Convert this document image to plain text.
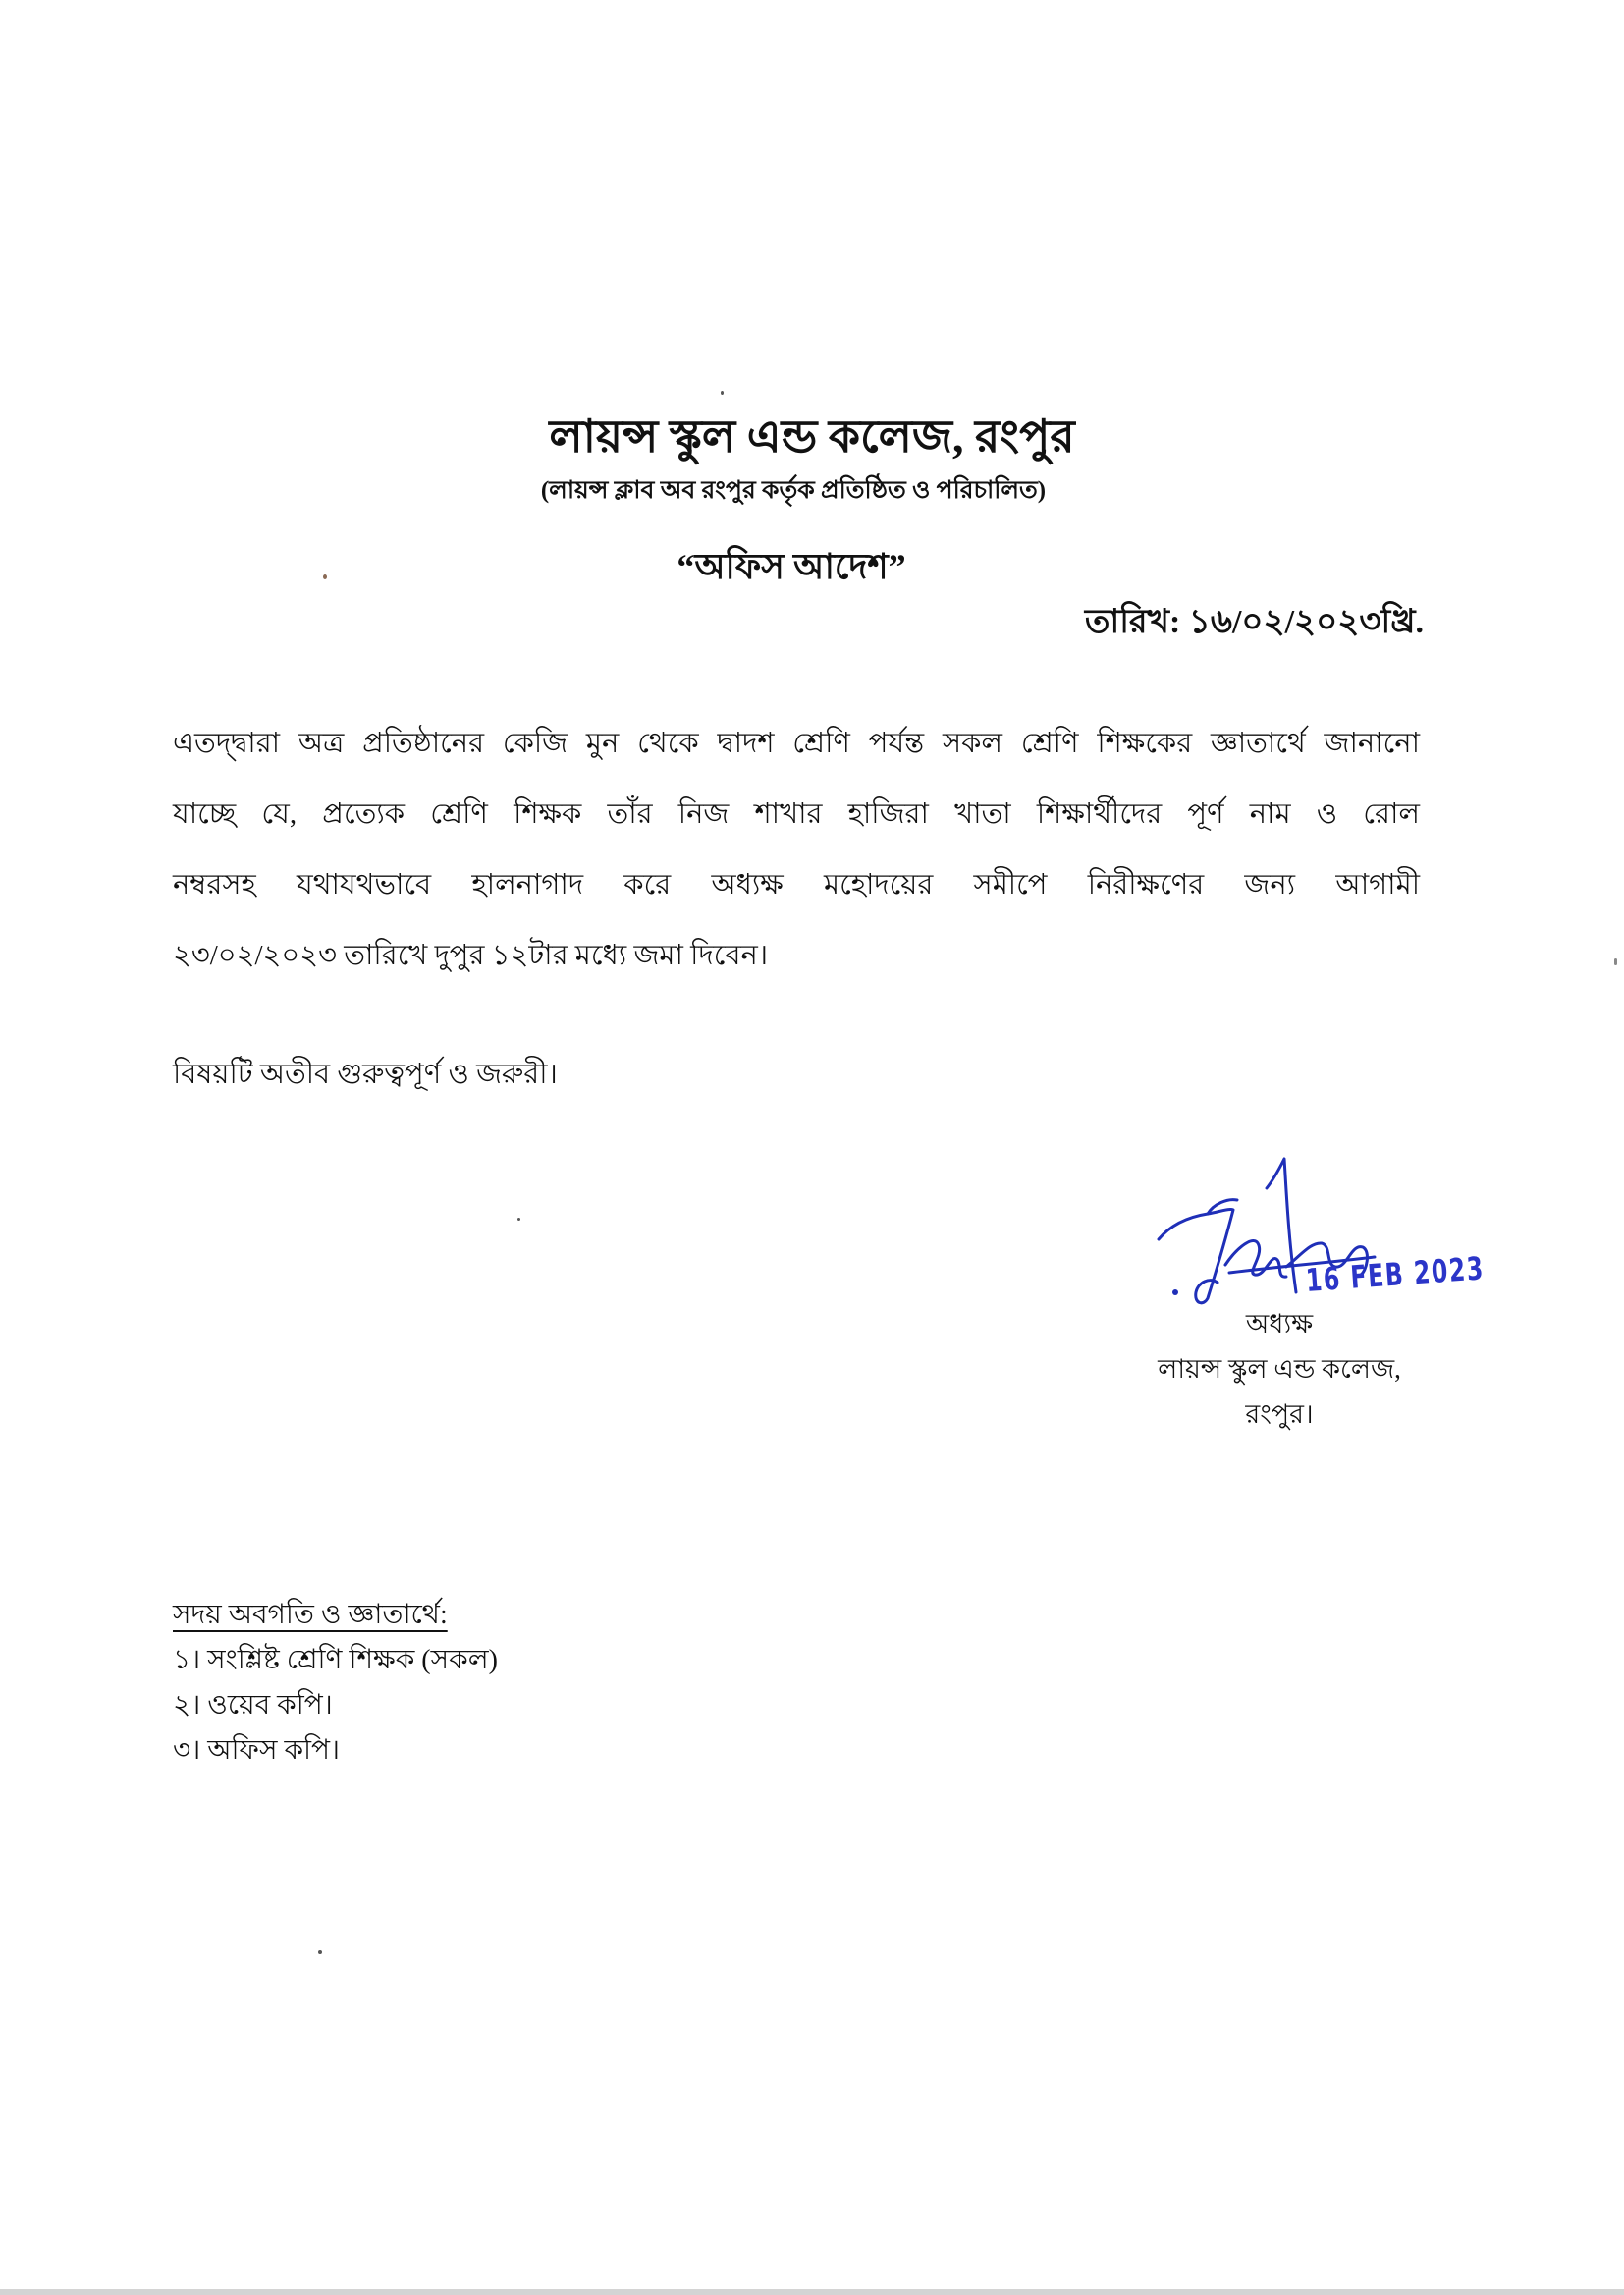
লায়ন্স স্কুল এন্ড কলেজ, রংপুর
(লায়ন্স ক্লাব অব রংপুর কর্তৃক প্রতিষ্ঠিত ও পরিচালিত)
“অফিস আদেশ”
তারিখ: ১৬/০২/২০২৩খ্রি.
এতদ্দ্বারা অত্র প্রতিষ্ঠানের কেজি মুন থেকে দ্বাদশ শ্রেণি পর্যন্ত সকল শ্রেণি শিক্ষকের জ্ঞাতার্থে জানানো
যাচ্ছে যে, প্রত্যেক শ্রেণি শিক্ষক তাঁর নিজ শাখার হাজিরা খাতা শিক্ষার্থীদের পূর্ণ নাম ও রোল
নম্বরসহ যথাযথভাবে হালনাগাদ করে অধ্যক্ষ মহোদয়ের সমীপে নিরীক্ষণের জন্য আগামী
২৩/০২/২০২৩ তারিখে দুপুর ১২টার মধ্যে জমা দিবেন।
বিষয়টি অতীব গুরুত্বপূর্ণ ও জরুরী।
16 FEB 2023
অধ্যক্ষ
লায়ন্স স্কুল এন্ড কলেজ,
রংপুর।
সদয় অবগতি ও জ্ঞাতার্থে:
১। সংশ্লিষ্ট শ্রেণি শিক্ষক (সকল)
২। ওয়েব কপি।
৩। অফিস কপি।
